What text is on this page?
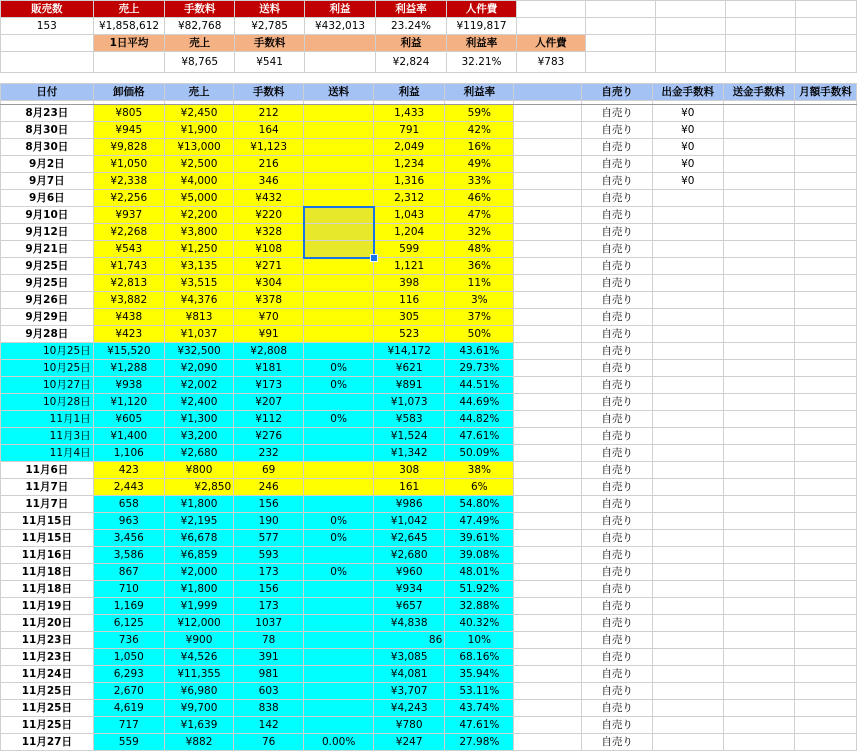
販売数	売上	手数料	送料	利益	利益率	人件費					
153	¥1,858,612	¥82,768	¥2,785	¥432,013	23.24%	¥119,817					
	1日平均	売上	手数料		利益	利益率	人件費				
		¥8,765	¥541		¥2,824	32.21%	¥783				
日付	卸価格	売上	手数料	送料	利益	利益率		自売り	出金手数料	送金手数料	月額手数料

8月23日	¥805	¥2,450	212		1,433	59%		自売り	¥0		
8月30日	¥945	¥1,900	164		791	42%		自売り	¥0		
8月30日	¥9,828	¥13,000	¥1,123		2,049	16%		自売り	¥0		
9月2日	¥1,050	¥2,500	216		1,234	49%		自売り	¥0		
9月7日	¥2,338	¥4,000	346		1,316	33%		自売り	¥0		
9月6日	¥2,256	¥5,000	¥432		2,312	46%		自売り			
9月10日	¥937	¥2,200	¥220		1,043	47%		自売り			
9月12日	¥2,268	¥3,800	¥328		1,204	32%		自売り			
9月21日	¥543	¥1,250	¥108		599	48%		自売り			
9月25日	¥1,743	¥3,135	¥271		1,121	36%		自売り			
9月25日	¥2,813	¥3,515	¥304		398	11%		自売り			
9月26日	¥3,882	¥4,376	¥378		116	3%		自売り			
9月29日	¥438	¥813	¥70		305	37%		自売り			
9月28日	¥423	¥1,037	¥91		523	50%		自売り			
10月25日	¥15,520	¥32,500	¥2,808		¥14,172	43.61%		自売り			
10月25日	¥1,288	¥2,090	¥181	0%	¥621	29.73%		自売り			
10月27日	¥938	¥2,002	¥173	0%	¥891	44.51%		自売り			
10月28日	¥1,120	¥2,400	¥207		¥1,073	44.69%		自売り			
11月1日	¥605	¥1,300	¥112	0%	¥583	44.82%		自売り			
11月3日	¥1,400	¥3,200	¥276		¥1,524	47.61%		自売り			
11月4日	1,106	¥2,680	232		¥1,342	50.09%		自売り			
11月6日	423	¥800	69		308	38%		自売り			
11月7日	2,443	¥2,850	246		161	6%		自売り			
11月7日	658	¥1,800	156		¥986	54.80%		自売り			
11月15日	963	¥2,195	190	0%	¥1,042	47.49%		自売り			
11月15日	3,456	¥6,678	577	0%	¥2,645	39.61%		自売り			
11月16日	3,586	¥6,859	593		¥2,680	39.08%		自売り			
11月18日	867	¥2,000	173	0%	¥960	48.01%		自売り			
11月18日	710	¥1,800	156		¥934	51.92%		自売り			
11月19日	1,169	¥1,999	173		¥657	32.88%		自売り			
11月20日	6,125	¥12,000	1037		¥4,838	40.32%		自売り			
11月23日	736	¥900	78		86	10%		自売り			
11月23日	1,050	¥4,526	391		¥3,085	68.16%		自売り			
11月24日	6,293	¥11,355	981		¥4,081	35.94%		自売り			
11月25日	2,670	¥6,980	603		¥3,707	53.11%		自売り			
11月25日	4,619	¥9,700	838		¥4,243	43.74%		自売り			
11月25日	717	¥1,639	142		¥780	47.61%		自売り			
11月27日	559	¥882	76	0.00%	¥247	27.98%		自売り			
